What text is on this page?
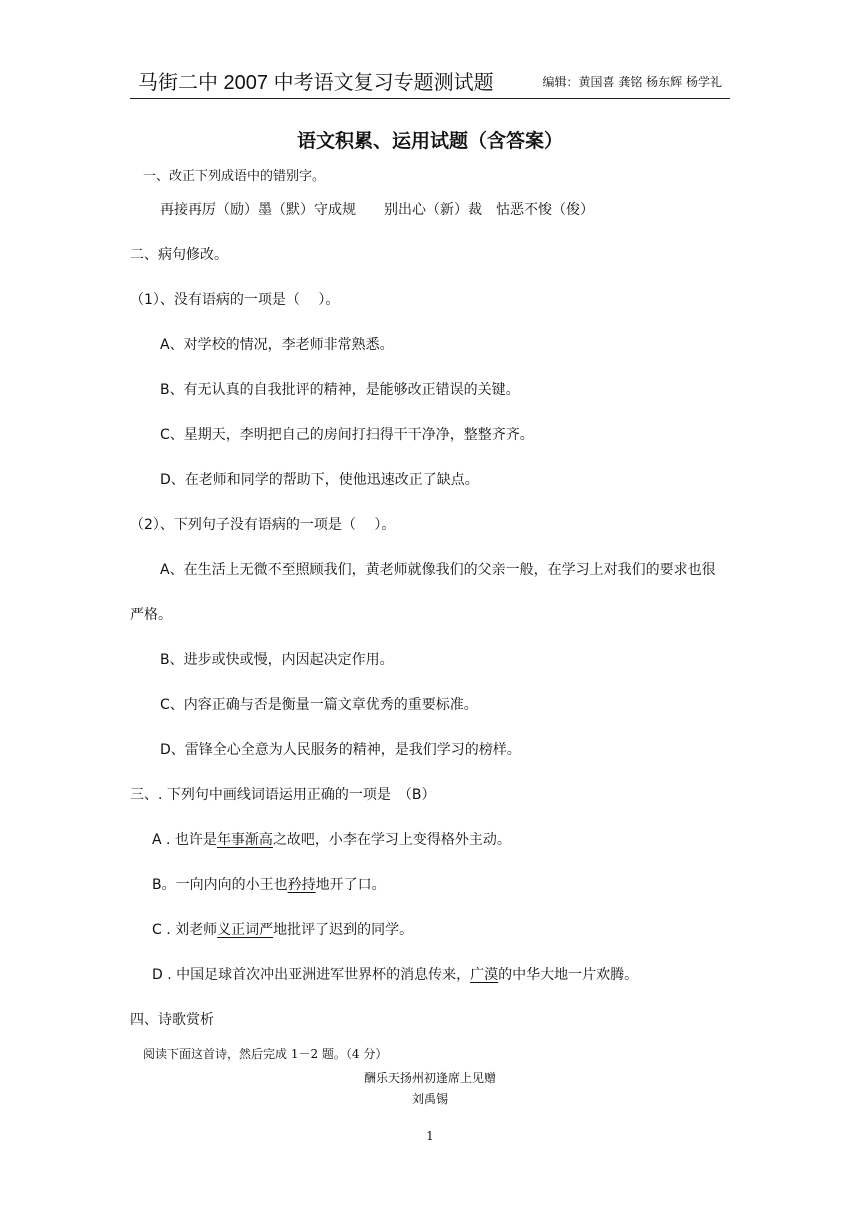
马街二中 2007 中考语文复习专题测试题	编辑：黄国喜 龚铭 杨东辉 杨学礼
语文积累、运用试题（含答案）
一、改正下列成语中的错别字。
再接再厉（励）墨（默）守成规　　别出心（新）裁　怙恶不悛（俊）
二、病句修改。
（1）、没有语病的一项是（　 ）。
A、对学校的情况，李老师非常熟悉。
B、有无认真的自我批评的精神，是能够改正错误的关键。
C、星期天，李明把自己的房间打扫得干干净净，整整齐齐。
D、在老师和同学的帮助下，使他迅速改正了缺点。
（2）、下列句子没有语病的一项是（　 ）。
A、在生活上无微不至照顾我们，黄老师就像我们的父亲一般，在学习上对我们的要求也很
严格。
B、进步或快或慢，内因起决定作用。
C、内容正确与否是衡量一篇文章优秀的重要标准。
D、雷锋全心全意为人民服务的精神，是我们学习的榜样。
三、. 下列句中画线词语运用正确的一项是　（B）
A . 也许是年事渐高之故吧，小李在学习上变得格外主动。
B。一向内向的小王也矜持地开了口。
C . 刘老师义正词严地批评了迟到的同学。
D . 中国足球首次冲出亚洲进军世界杯的消息传来，广漠的中华大地一片欢腾。
四、诗歌赏析
阅读下面这首诗，然后完成 1－2 题。（4 分）
酬乐天扬州初逢席上见赠
刘禹锡
1
